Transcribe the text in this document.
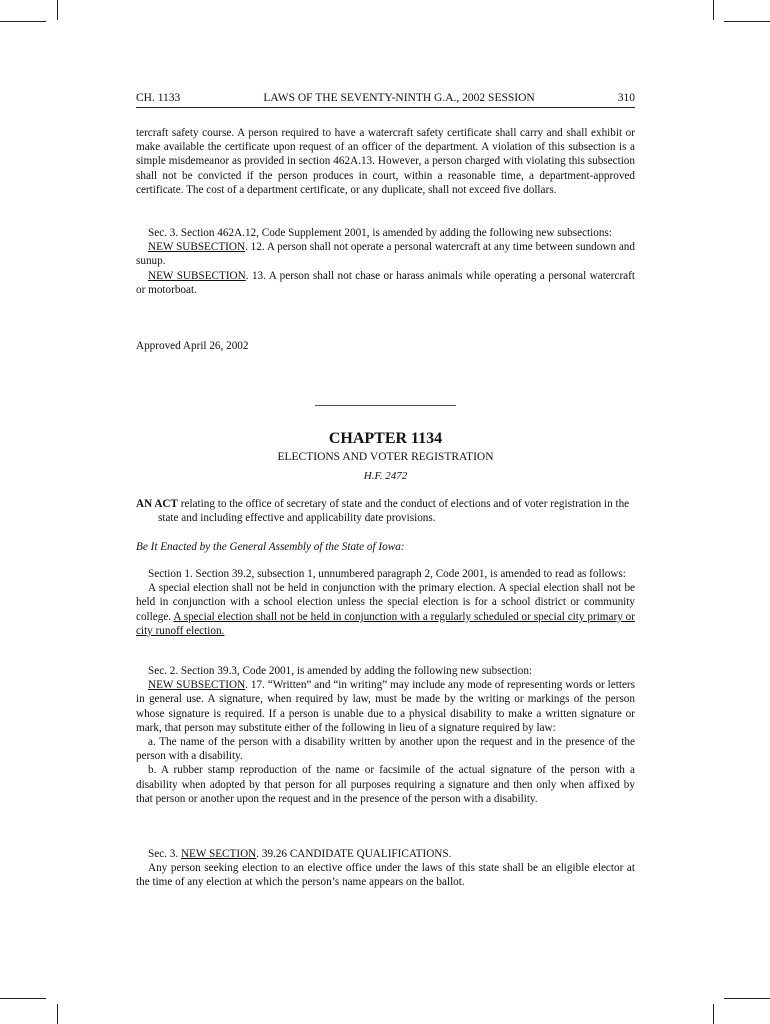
CH. 1133	LAWS OF THE SEVENTY-NINTH G.A., 2002 SESSION	310

tercraft safety course. A person required to have a watercraft safety certificate shall carry and shall exhibit or make available the certificate upon request of an officer of the department. A violation of this subsection is a simple misdemeanor as provided in section 462A.13. However, a person charged with violating this subsection shall not be convicted if the person produces in court, within a reasonable time, a department-approved certificate. The cost of a department certificate, or any duplicate, shall not exceed five dollars.

Sec. 3. Section 462A.12, Code Supplement 2001, is amended by adding the following new subsections:

NEW SUBSECTION. 12. A person shall not operate a personal watercraft at any time between sundown and sunup.

NEW SUBSECTION. 13. A person shall not chase or harass animals while operating a personal watercraft or motorboat.

Approved April 26, 2002

CHAPTER 1134
ELECTIONS AND VOTER REGISTRATION
H.F. 2472
AN ACT relating to the office of secretary of state and the conduct of elections and of voter registration in the state and including effective and applicability date provisions.

Be It Enacted by the General Assembly of the State of Iowa:

Section 1. Section 39.2, subsection 1, unnumbered paragraph 2, Code 2001, is amended to read as follows:

A special election shall not be held in conjunction with the primary election. A special election shall not be held in conjunction with a school election unless the special election is for a school district or community college. A special election shall not be held in conjunction with a regularly scheduled or special city primary or city runoff election.

Sec. 2. Section 39.3, Code 2001, is amended by adding the following new subsection:

NEW SUBSECTION. 17. “Written” and “in writing” may include any mode of representing words or letters in general use. A signature, when required by law, must be made by the writing or markings of the person whose signature is required. If a person is unable due to a physical disability to make a written signature or mark, that person may substitute either of the following in lieu of a signature required by law:

a. The name of the person with a disability written by another upon the request and in the presence of the person with a disability.

b. A rubber stamp reproduction of the name or facsimile of the actual signature of the person with a disability when adopted by that person for all purposes requiring a signature and then only when affixed by that person or another upon the request and in the presence of the person with a disability.

Sec. 3. NEW SECTION. 39.26 CANDIDATE QUALIFICATIONS.

Any person seeking election to an elective office under the laws of this state shall be an eligible elector at the time of any election at which the person’s name appears on the ballot.
